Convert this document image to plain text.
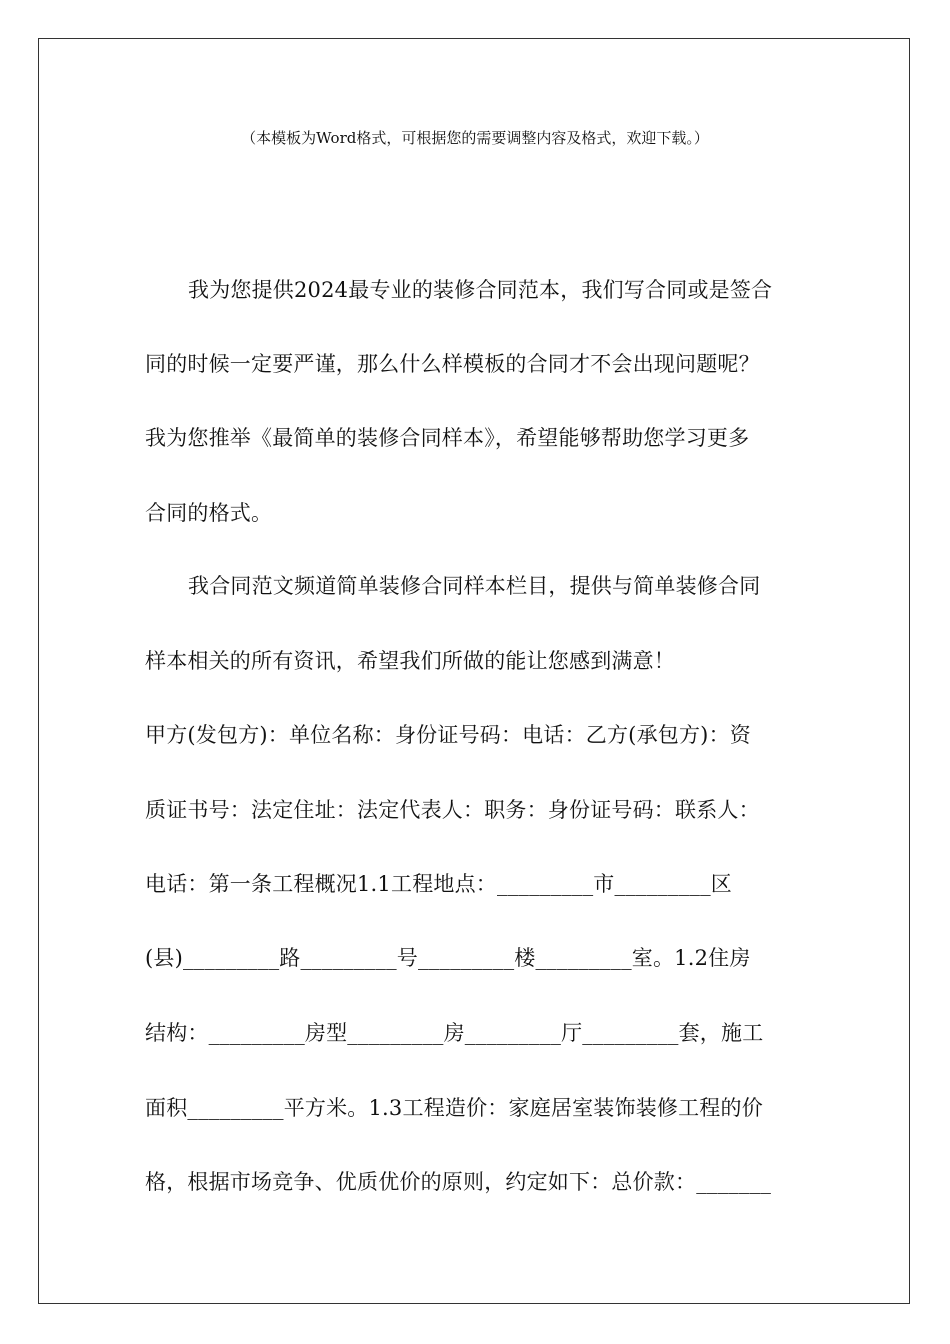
（本模板为Word格式，可根据您的需要调整内容及格式，欢迎下载。）
我为您提供2024最专业的装修合同范本，我们写合同或是签合
同的时候一定要严谨，那么什么样模板的合同才不会出现问题呢？
我为您推举《最简单的装修合同样本》，希望能够帮助您学习更多
合同的格式。
我合同范文频道简单装修合同样本栏目，提供与简单装修合同
样本相关的所有资讯，希望我们所做的能让您感到满意！
甲方(发包方)：单位名称：身份证号码：电话：乙方(承包方)：资
质证书号：法定住址：法定代表人：职务：身份证号码：联系人：
电话：第一条工程概况1.1工程地点：_________市_________区
(县)_________路_________号_________楼_________室。1.2住房
结构：_________房型_________房_________厅_________套，施工
面积_________平方米。1.3工程造价：家庭居室装饰装修工程的价
格，根据市场竞争、优质优价的原则，约定如下：总价款：_______
